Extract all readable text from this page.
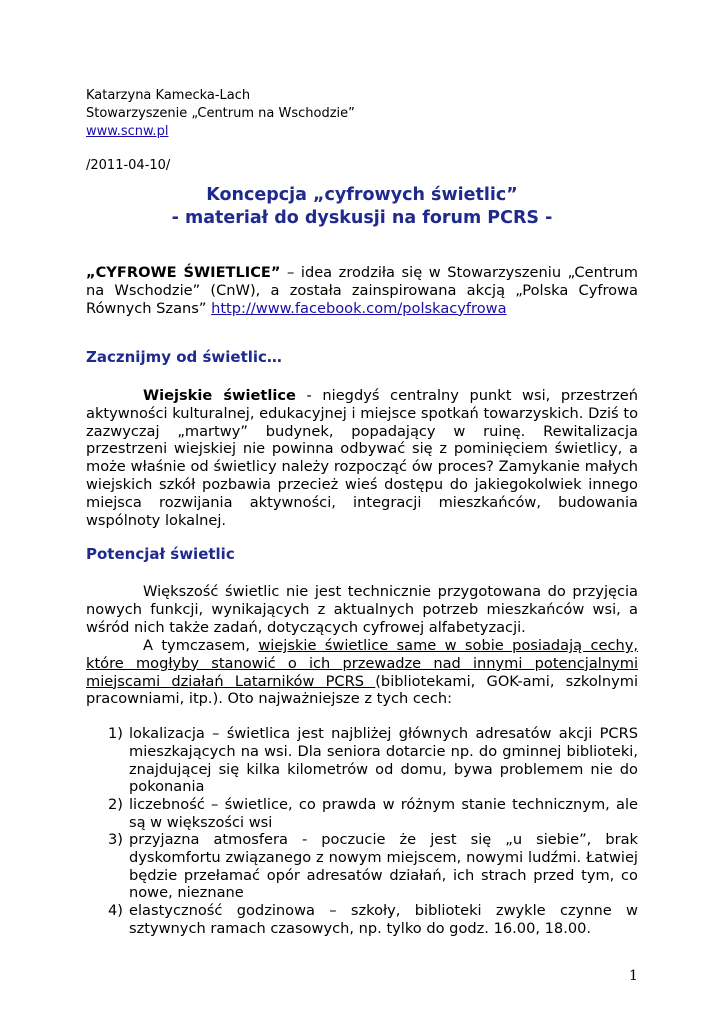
Katarzyna Kamecka-Lach
Stowarzyszenie „Centrum na Wschodzie”
www.scnw.pl
/2011-04-10/
Koncepcja „cyfrowych świetlic”
- materiał do dyskusji na forum PCRS -
„CYFROWE ŚWIETLICE” – idea zrodziła się w Stowarzyszeniu „Centrum na Wschodzie” (CnW), a została zainspirowana akcją „Polska Cyfrowa Równych Szans” http://www.facebook.com/polskacyfrowa
Zacznijmy od świetlic…
Wiejskie świetlice - niegdyś centralny punkt wsi, przestrzeń aktywności kulturalnej, edukacyjnej i miejsce spotkań towarzyskich. Dziś to zazwyczaj „martwy” budynek, popadający w ruinę. Rewitalizacja przestrzeni wiejskiej nie powinna odbywać się z pominięciem świetlicy, a może właśnie od świetlicy należy rozpocząć ów proces? Zamykanie małych wiejskich szkół pozbawia przecież wieś dostępu do jakiegokolwiek innego miejsca rozwijania aktywności, integracji mieszkańców, budowania wspólnoty lokalnej.
Potencjał świetlic
Większość świetlic nie jest technicznie przygotowana do przyjęcia nowych funkcji, wynikających z aktualnych potrzeb mieszkańców wsi, a wśród nich także zadań, dotyczących cyfrowej alfabetyzacji.
A tymczasem, wiejskie świetlice same w sobie posiadają cechy, które mogłyby stanowić o ich przewadze nad innymi potencjalnymi miejscami działań Latarników PCRS (bibliotekami, GOK-ami, szkolnymi pracowniami, itp.). Oto najważniejsze z tych cech:
1) lokalizacja – świetlica jest najbliżej głównych adresatów akcji PCRS mieszkających na wsi. Dla seniora dotarcie np. do gminnej biblioteki, znajdującej się kilka kilometrów od domu, bywa problemem nie do pokonania
2) liczebność – świetlice, co prawda w różnym stanie technicznym, ale są w większości wsi
3) przyjazna atmosfera - poczucie że jest się „u siebie”, brak dyskomfortu związanego z nowym miejscem, nowymi ludźmi. Łatwiej będzie przełamać opór adresatów działań, ich strach przed tym, co nowe, nieznane
4) elastyczność godzinowa – szkoły, biblioteki zwykle czynne w sztywnych ramach czasowych, np. tylko do godz. 16.00, 18.00.
1
